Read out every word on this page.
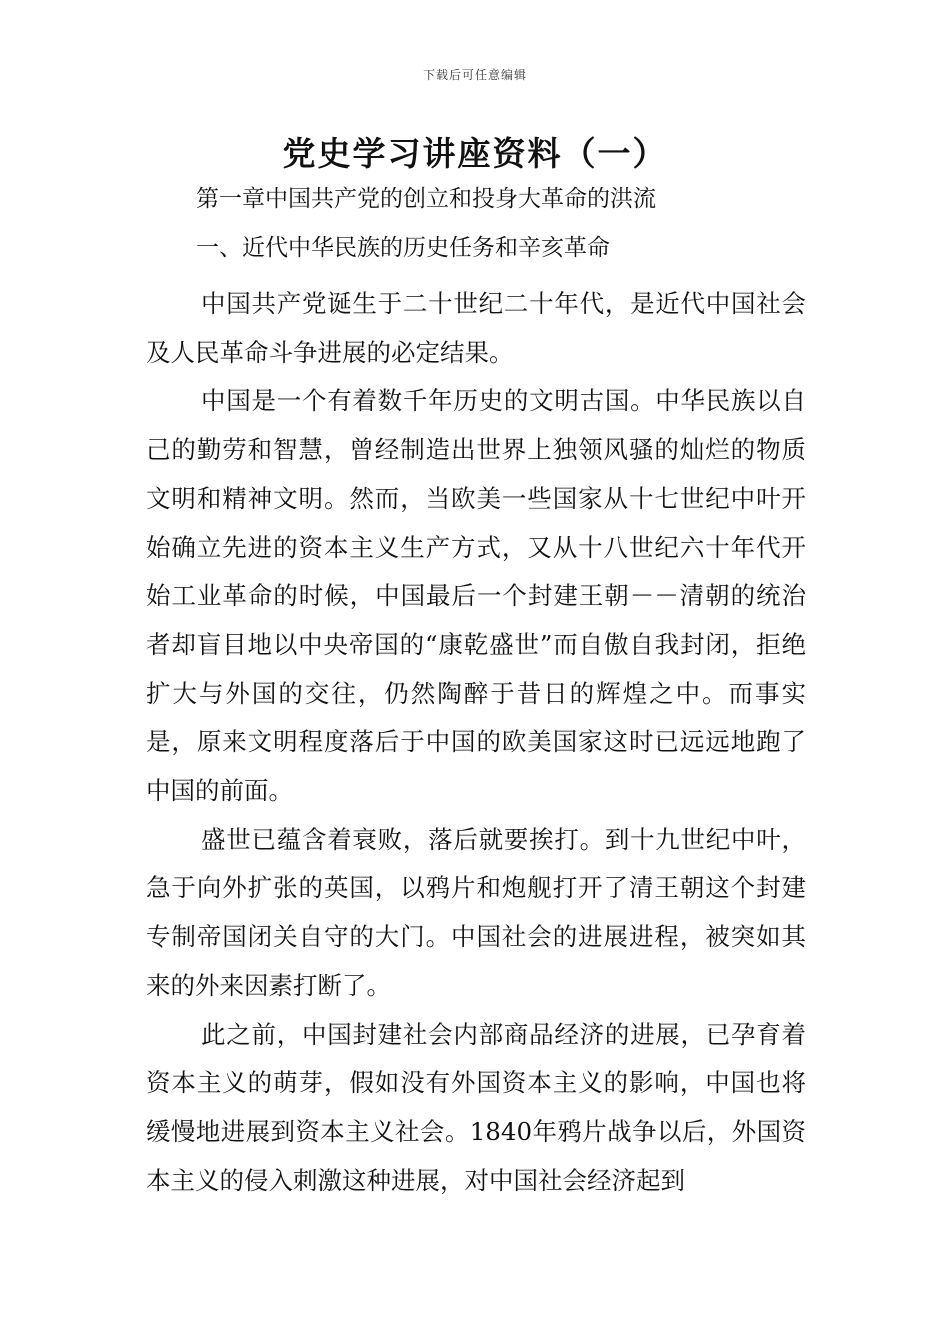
下载后可任意编辑
党史学习讲座资料（一）
第一章中国共产党的创立和投身大革命的洪流
一、近代中华民族的历史任务和辛亥革命

中国共产党诞生于二十世纪二十年代，是近代中国社会及人民革命斗争进展的必定结果。

中国是一个有着数千年历史的文明古国。中华民族以自己的勤劳和智慧，曾经制造出世界上独领风骚的灿烂的物质文明和精神文明。然而，当欧美一些国家从十七世纪中叶开始确立先进的资本主义生产方式，又从十八世纪六十年代开始工业革命的时候，中国最后一个封建王朝－－清朝的统治者却盲目地以中央帝国的“康乾盛世”而自傲自我封闭，拒绝扩大与外国的交往，仍然陶醉于昔日的辉煌之中。而事实是，原来文明程度落后于中国的欧美国家这时已远远地跑了中国的前面。

盛世已蕴含着衰败，落后就要挨打。到十九世纪中叶，急于向外扩张的英国，以鸦片和炮舰打开了清王朝这个封建专制帝国闭关自守的大门。中国社会的进展进程，被突如其来的外来因素打断了。

此之前，中国封建社会内部商品经济的进展，已孕育着资本主义的萌芽，假如没有外国资本主义的影响，中国也将缓慢地进展到资本主义社会。1840年鸦片战争以后，外国资本主义的侵入刺激这种进展，对中国社会经济起到
